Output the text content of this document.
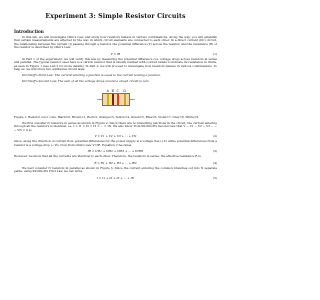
Experiment 3: Simple Resistor Circuits
Introduction

In this lab, we will investigate Ohm's Law, and study how resistors behave in various combinations. Along the way, you will establish that certain measurements are affected by the way in which circuit elements are connected to each other. In a direct current (DC) circuit, the relationship between the current (I) passing through a resistor, the potential difference (V) across the resistor, and the resistance (R) of the resistor is described by Ohm's Law:

V = IR	(1)

In Part 1 of the experiment, we will verify this law by measuring the potential difference (i.e. voltage drop) across resistors in series and parallel. The typical resistor used here is a carbon resistor that is usually marked with colored bands to indicate its resistance in Ohms, as seen in Figure 1 (see Lab 2 for more details). In Part 2, we will proceed to investigate how resistors behave in various combinations. To help us, we introduce two additional circuit laws:

Kirchhoff's Point Law: The current entering a junction is equal to the current leaving a junction.

Kirchhoff's Second Law: The sum of all the voltage drops around a closed circuit is zero.

A B C D
Figure 1: Resistor color code. Black=0, Brown=1, Red=2, Orange=3, Yellow=4, Green=5, Blue=6, Violet=7, Gray=8, White=9.

We first consider N resistors in series as shown in Figure 2. Since there are no branching junctions in the circuit, the current entering through all the resistors is identical, i.e. I = I1 = I2 = I3 = ... = IN. We also know from Kirchhoff's Second Law that V − V1 − V2 − V3 − ... − VN = 0 so

V = V1 + V2 + V3 + ... + VN	(2)

since, along the direction of current flow, potential differences for the power supply is a voltage rise (+V) while potential differences from a resistor is a voltage drop (−Vi). Now from Ohm's Law V=IR, Equation 2 becomes

IR = I1R1 + I2R2 + I3R3 + ... + INRN	(3)

However, we know that all the currents are identical to each other. Therefore, the resistors in series, the effective resistance R is

R = R1 + R2 + R3 + ... + RN	(4)

We next consider N resistors in parallel as shown in Figure 3. Since the current entering the common branches out into N separate paths, using Kirchhoff's First Law we can write

I = I1 + I2 + I3 + ... + IN	(5)
